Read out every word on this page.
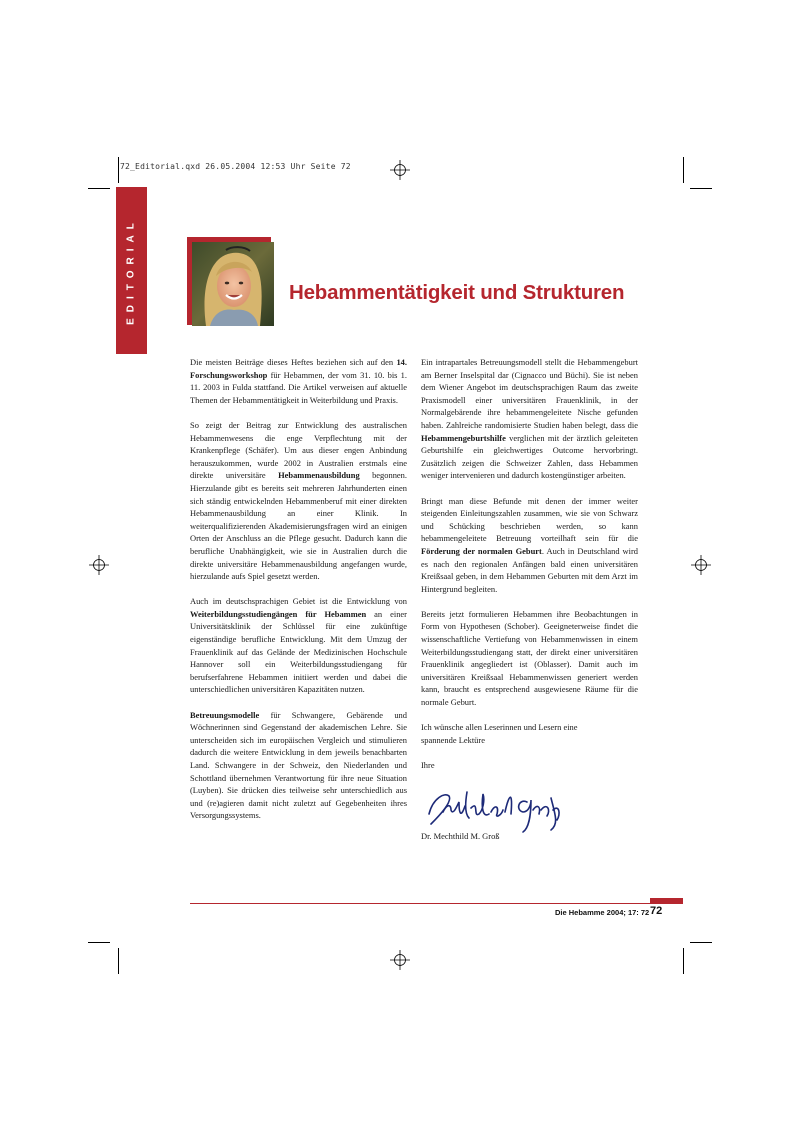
72_Editorial.qxd 26.05.2004 12:53 Uhr Seite 72
EDITORIAL	Hebammentätigkeit und Strukturen

Die meisten Beiträge dieses Heftes beziehen sich auf den 14. Forschungsworkshop für Hebammen, der vom 31. 10. bis 1. 11. 2003 in Fulda stattfand. Die Artikel verweisen auf aktuelle Themen der Hebammentätigkeit in Weiterbildung und Praxis.

So zeigt der Beitrag zur Entwicklung des australischen Hebammenwesens die enge Verpflechtung mit der Krankenpflege (Schäfer). Um aus dieser engen Anbindung herauszukommen, wurde 2002 in Australien erstmals eine direkte universitäre Hebammenausbildung begonnen. Hierzulande gibt es bereits seit mehreren Jahrhunderten einen sich ständig entwickelnden Hebammenberuf mit einer direkten Hebammenausbildung an einer Klinik. In weiterqualifizierenden Akademisierungsfragen wird an einigen Orten der Anschluss an die Pflege gesucht. Dadurch kann die berufliche Unabhängigkeit, wie sie in Australien durch die direkte universitäre Hebammenausbildung angefangen wurde, hierzulande aufs Spiel gesetzt werden.

Auch im deutschsprachigen Gebiet ist die Entwicklung von Weiterbildungsstudiengängen für Hebammen an einer Universitätsklinik der Schlüssel für eine zukünftige eigenständige berufliche Entwicklung. Mit dem Umzug der Frauenklinik auf das Gelände der Medizinischen Hochschule Hannover soll ein Weiterbildungsstudiengang für berufserfahrene Hebammen initiiert werden und dabei die unterschiedlichen universitären Kapazitäten nutzen.

Betreuungsmodelle für Schwangere, Gebärende und Wöchnerinnen sind Gegenstand der akademischen Lehre. Sie unterscheiden sich im europäischen Vergleich und stimulieren dadurch die weitere Entwicklung in dem jeweils benachbarten Land. Schwangere in der Schweiz, den Niederlanden und Schottland übernehmen Verantwortung für ihre neue Situation (Luyben). Sie drücken dies teilweise sehr unterschiedlich aus und (re)agieren damit nicht zuletzt auf Gegebenheiten ihres Versorgungssystems.

Ein intrapartales Betreuungsmodell stellt die Hebammengeburt am Berner Inselspital dar (Cignacco und Büchi). Sie ist neben dem Wiener Angebot im deutschsprachigen Raum das zweite Praxismodell einer universitären Frauenklinik, in der Normalgebärende ihre hebammengeleitete Nische gefunden haben. Zahlreiche randomisierte Studien haben belegt, dass die Hebammengeburtshilfe verglichen mit der ärztlich geleiteten Geburtshilfe ein gleichwertiges Outcome hervorbringt. Zusätzlich zeigen die Schweizer Zahlen, dass Hebammen weniger intervenieren und dadurch kostengünstiger arbeiten.

Bringt man diese Befunde mit denen der immer weiter steigenden Einleitungszahlen zusammen, wie sie von Schwarz und Schücking beschrieben werden, so kann hebammengeleitete Betreuung vorteilhaft sein für die Förderung der normalen Geburt. Auch in Deutschland wird es nach den regionalen Anfängen bald einen universitären Kreißsaal geben, in dem Hebammen Geburten mit dem Arzt im Hintergrund begleiten.

Bereits jetzt formulieren Hebammen ihre Beobachtungen in Form von Hypothesen (Schober). Geeigneterweise findet die wissenschaftliche Vertiefung von Hebammenwissen in einem Weiterbildungsstudiengang statt, der direkt einer universitären Frauenklinik angegliedert ist (Oblasser). Damit auch im universitären Kreißsaal Hebammenwissen generiert werden kann, braucht es entsprechend ausgewiesene Räume für die normale Geburt.

Ich wünsche allen Leserinnen und Lesern eine
spannende Lektüre

Ihre

Dr. Mechthild M. Groß

Die Hebamme 2004; 17: 72 72
